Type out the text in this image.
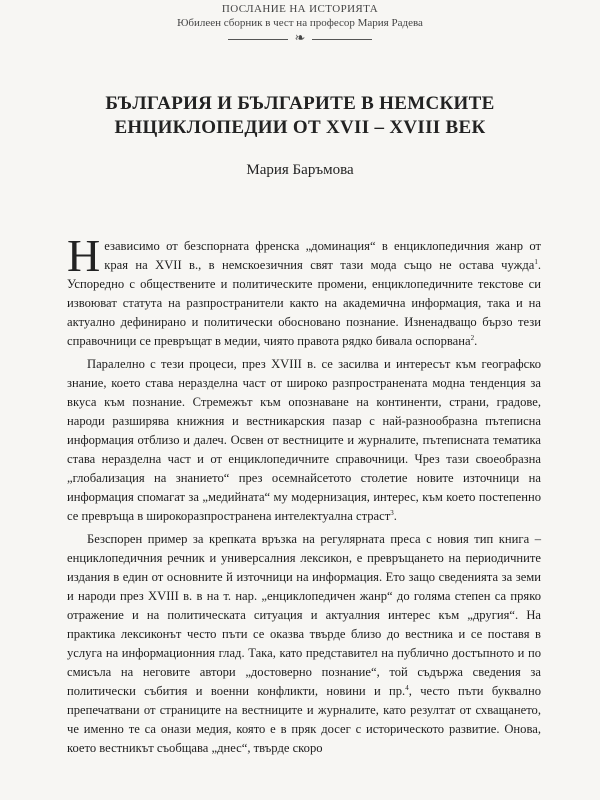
ПОСЛАНИЕ НА ИСТОРИЯТА
Юбилеен сборник в чест на професор Мария Радева
❧
БЪЛГАРИЯ И БЪЛГАРИТЕ В НЕМСКИТЕ
ЕНЦИКЛОПЕДИИ ОТ XVII – XVIII ВЕК
Мария Баръмова

Независимо от безспорната френска „доминация“ в енциклопедичния жанр от края на XVII в., в немскоезичния свят тази мода също не остава чужда$^1$. Успоредно с обществените и политическите промени, енциклопедичните текстове си извоюват статута на разпространители както на академична информация, така и на актуално дефинирано и политически обосновано познание. Изненадващо бързо тези справочници се превръщат в медии, чиято правота рядко бивала оспорвана$^2$.

Паралелно с тези процеси, през XVIII в. се засилва и интересът към географско знание, което става неразделна част от широко разпространената модна тенденция за вкуса към познание. Стремежът към опознаване на континенти, страни, градове, народи разширява книжния и вестникарския пазар с най-разнообразна пътеписна информация отблизо и далеч. Освен от вестниците и журналите, пътеписната тематика става неразделна част и от енциклопедичните справочници. Чрез тази своеобразна „глобализация на знанието“ през осемнайсетото столетие новите източници на информация спомагат за „медийната“ му модернизация, интерес, към което постепенно се превръща в широкоразпространена интелектуална страст$^3$.

Безспорен пример за крепката връзка на регулярната преса с новия тип книга – енциклопедичния речник и универсалния лексикон, е превръщането на периодичните издания в един от основните й източници на информация. Ето защо сведенията за земи и народи през XVIII в. в на т. нар. „енциклопедичен жанр“ до голяма степен са пряко отражение и на политическата ситуация и актуалния интерес към „другия“. На практика лексиконът често пъти се оказва твърде близо до вестника и се поставя в услуга на информационния глад. Така, като представител на публично достъпното и по смисъла на неговите автори „достоверно познание“, той съдържа сведения за политически събития и военни конфликти, новини и пр.$^4$, често пъти буквално препечатвани от страниците на вестниците и журналите, като резултат от схващането, че именно те са онази медия, която е в пряк досег с историческото развитие. Онова, което вестникът съобщава „днес“, твърде скоро
